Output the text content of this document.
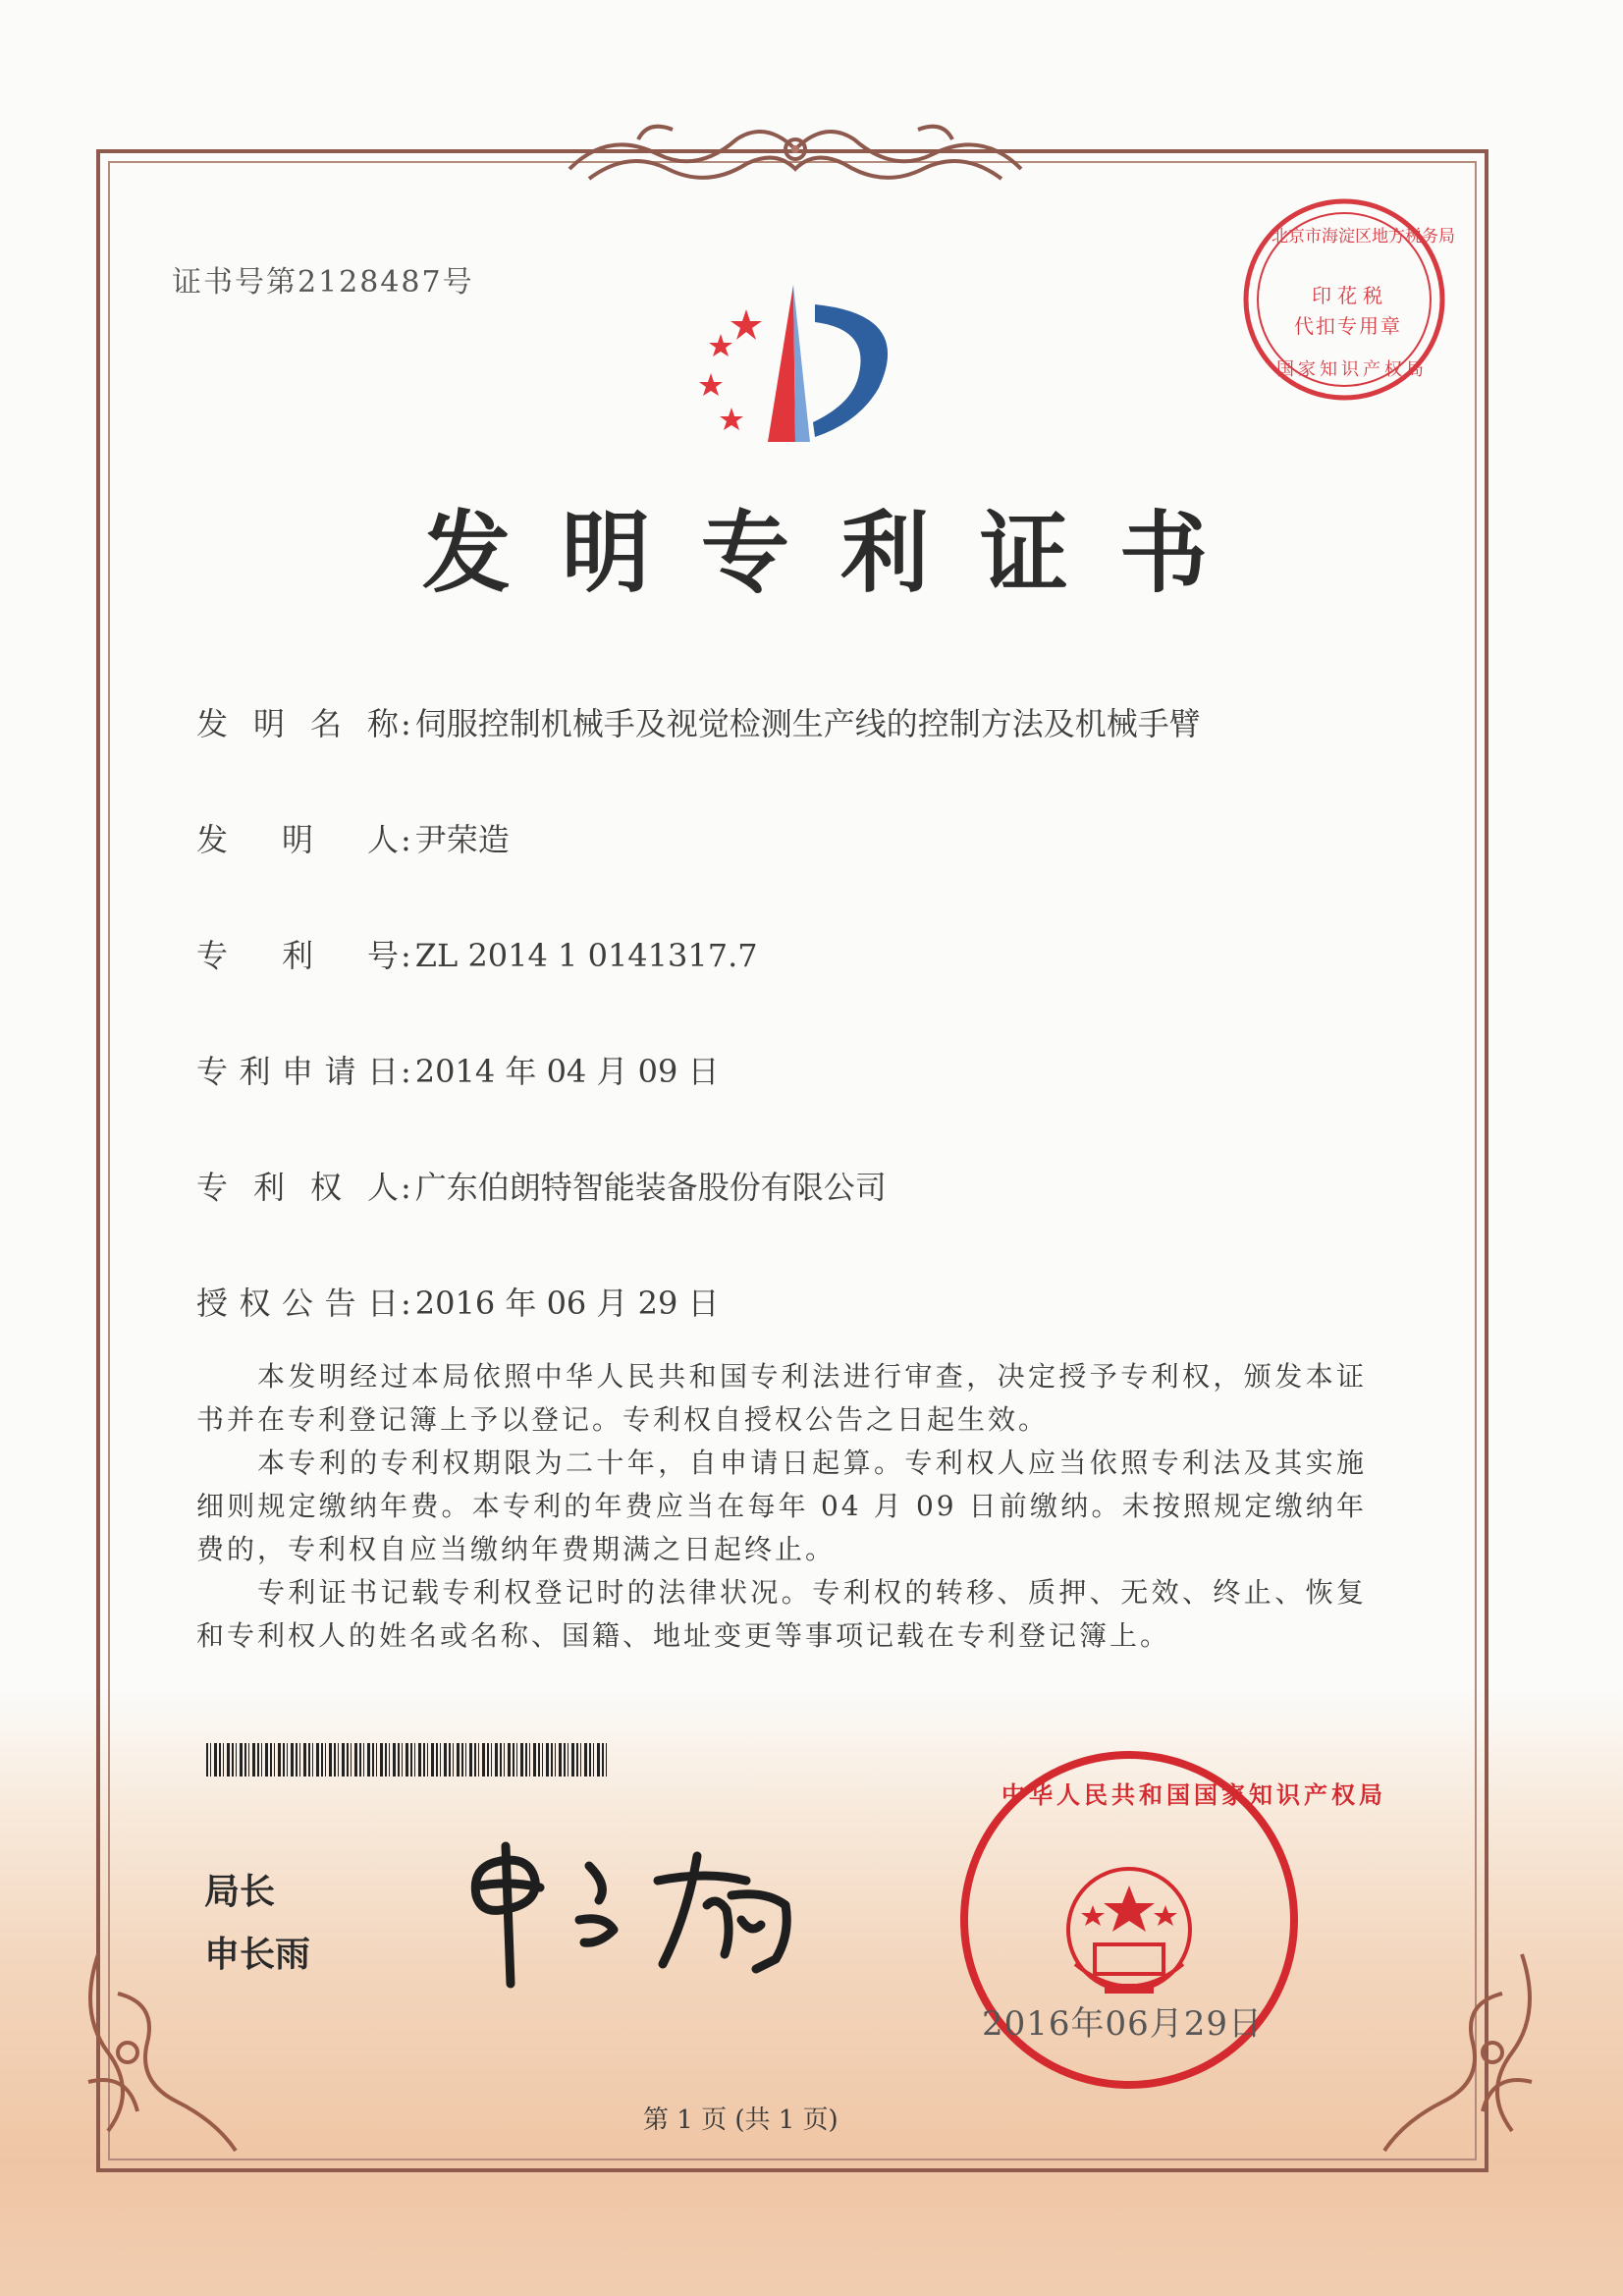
证书号第2128487号
北京市海淀区地方税务局
印花税
代扣专用章
国家知识产权局
发明专利证书
发明名称: 伺服控制机械手及视觉检测生产线的控制方法及机械手臂
发明人: 尹荣造
专利号: ZL 2014 1 0141317.7
专利申请日: 2014 年 04 月 09 日
专利权人: 广东伯朗特智能装备股份有限公司
授权公告日: 2016 年 06 月 29 日

本发明经过本局依照中华人民共和国专利法进行审查，决定授予专利权，颁发本证书并在专利登记簿上予以登记。专利权自授权公告之日起生效。

本专利的专利权期限为二十年，自申请日起算。专利权人应当依照专利法及其实施细则规定缴纳年费。本专利的年费应当在每年 04 月 09 日前缴纳。未按照规定缴纳年费的，专利权自应当缴纳年费期满之日起终止。

专利证书记载专利权登记时的法律状况。专利权的转移、质押、无效、终止、恢复和专利权人的姓名或名称、国籍、地址变更等事项记载在专利登记簿上。

局长
申长雨
中华人民共和国国家知识产权局
2016年06月29日
第 1 页 (共 1 页)
